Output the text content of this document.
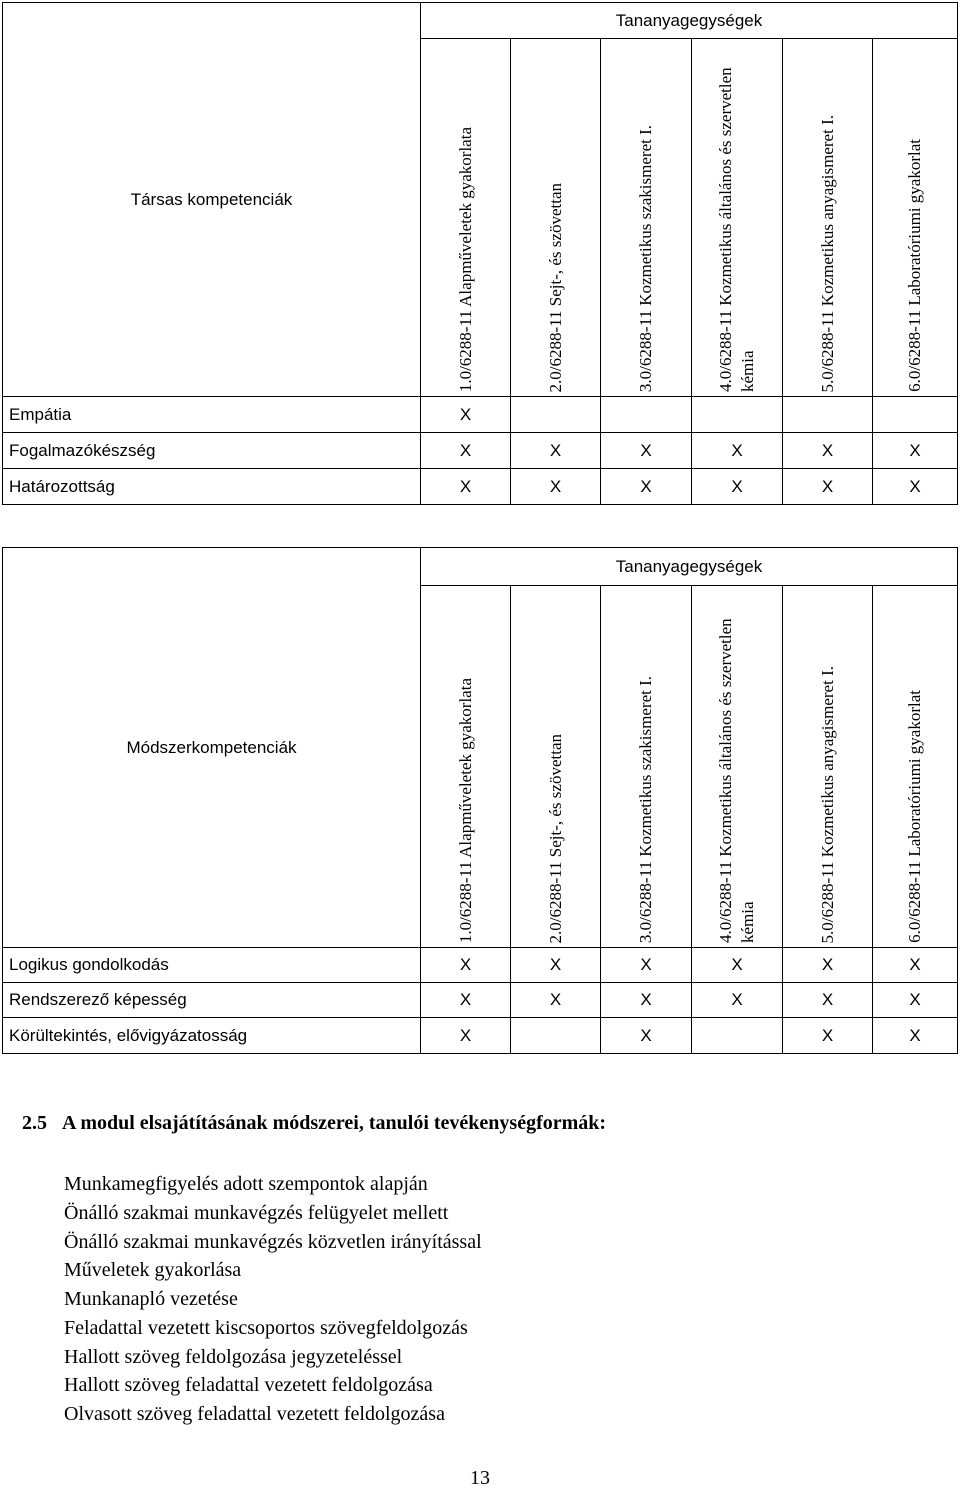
Társas kompetenciák	Tananyagegységek					

	1.0/6288-11 Alapműveletek gyakorlata	2.0/6288-11 Sejt-, és szövettan	3.0/6288-11 Kozmetikus szakismeret I.	4.0/6288-11 Kozmetikus általános és szervetlen kémia	5.0/6288-11 Kozmetikus anyagismeret I.	6.0/6288-11 Laboratóriumi gyakorlat

Empátia	X					
Fogalmazókészség	X	X	X	X	X	X
Határozottság	X	X	X	X	X	X
Módszerkompetenciák	Tananyagegységek					

	1.0/6288-11 Alapműveletek gyakorlata	2.0/6288-11 Sejt-, és szövettan	3.0/6288-11 Kozmetikus szakismeret I.	4.0/6288-11 Kozmetikus általános és szervetlen kémia	5.0/6288-11 Kozmetikus anyagismeret I.	6.0/6288-11 Laboratóriumi gyakorlat

Logikus gondolkodás	X	X	X	X	X	X
Rendszerező képesség	X	X	X	X	X	X
Körültekintés, elővigyázatosság	X		X		X	X
2.5 A modul elsajátításának módszerei, tanulói tevékenységformák:
Munkamegfigyelés adott szempontok alapján
Önálló szakmai munkavégzés felügyelet mellett
Önálló szakmai munkavégzés közvetlen irányítással
Műveletek gyakorlása
Munkanapló vezetése
Feladattal vezetett kiscsoportos szövegfeldolgozás
Hallott szöveg feldolgozása jegyzeteléssel
Hallott szöveg feladattal vezetett feldolgozása
Olvasott szöveg feladattal vezetett feldolgozása
13
